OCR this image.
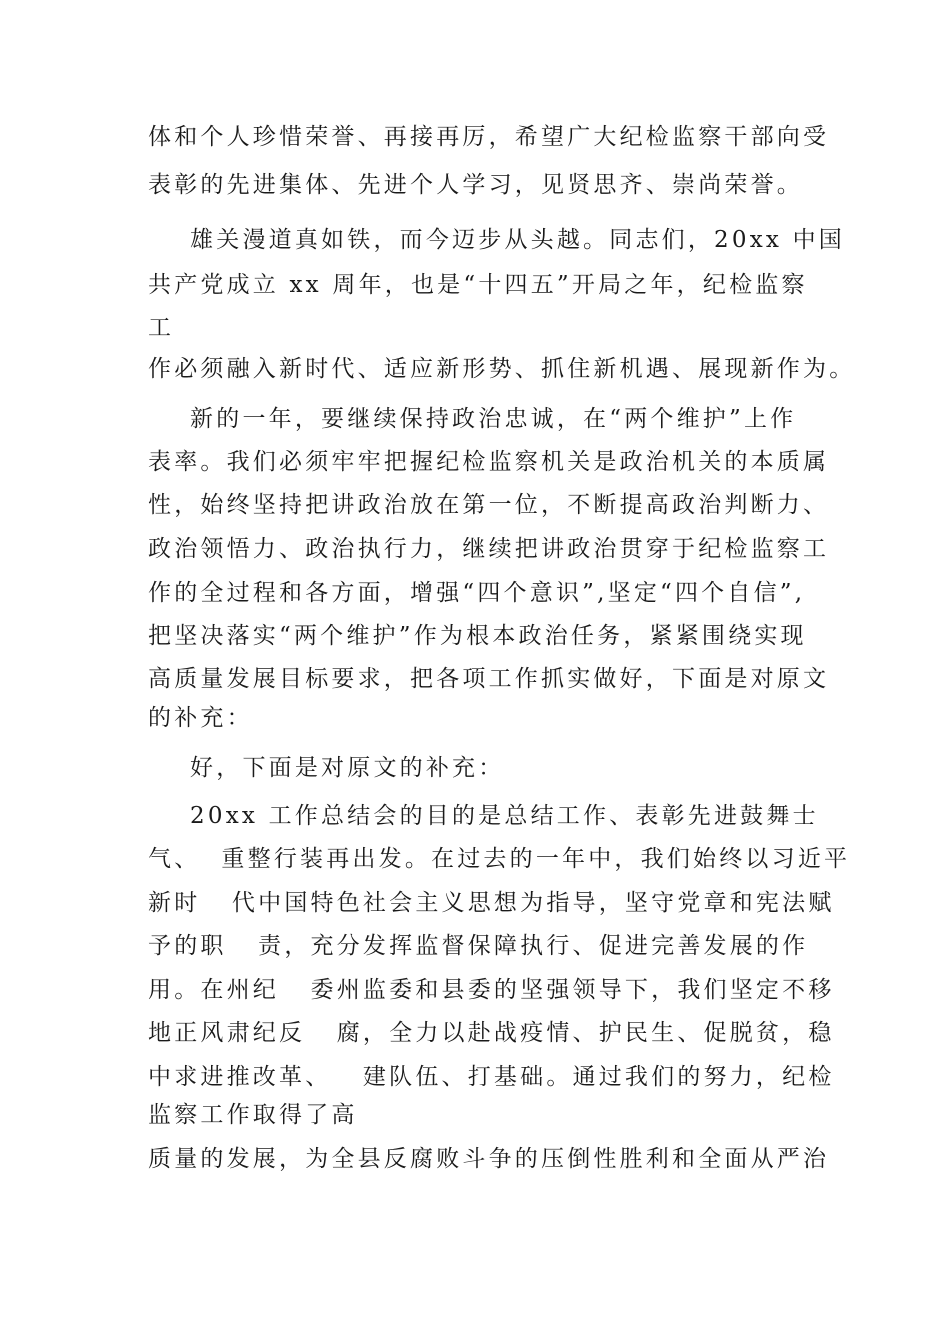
体和个人珍惜荣誉、再接再厉，希望广大纪检监察干部向受
表彰的先进集体、先进个人学习，见贤思齐、崇尚荣誉。
雄关漫道真如铁，而今迈步从头越。同志们，20xx 中国
共产党成立 xx 周年，也是“十四五”开局之年，纪检监察
工
作必须融入新时代、适应新形势、抓住新机遇、展现新作为。
新的一年，要继续保持政治忠诚，在“两个维护”上作
表率。我们必须牢牢把握纪检监察机关是政治机关的本质属
性，始终坚持把讲政治放在第一位，不断提高政治判断力、
政治领悟力、政治执行力，继续把讲政治贯穿于纪检监察工
作的全过程和各方面，增强“四个意识”,坚定“四个自信”,
把坚决落实“两个维护”作为根本政治任务，紧紧围绕实现
高质量发展目标要求，把各项工作抓实做好，下面是对原文
的补充：
好，下面是对原文的补充：
20xx 工作总结会的目的是总结工作、表彰先进鼓舞士
气、  重整行装再出发。在过去的一年中，我们始终以习近平
新时   代中国特色社会主义思想为指导，坚守党章和宪法赋
予的职   责，充分发挥监督保障执行、促进完善发展的作
用。在州纪   委州监委和县委的坚强领导下，我们坚定不移
地正风肃纪反   腐，全力以赴战疫情、护民生、促脱贫，稳
中求进推改革、   建队伍、打基础。通过我们的努力，纪检
监察工作取得了高
质量的发展，为全县反腐败斗争的压倒性胜利和全面从严治
